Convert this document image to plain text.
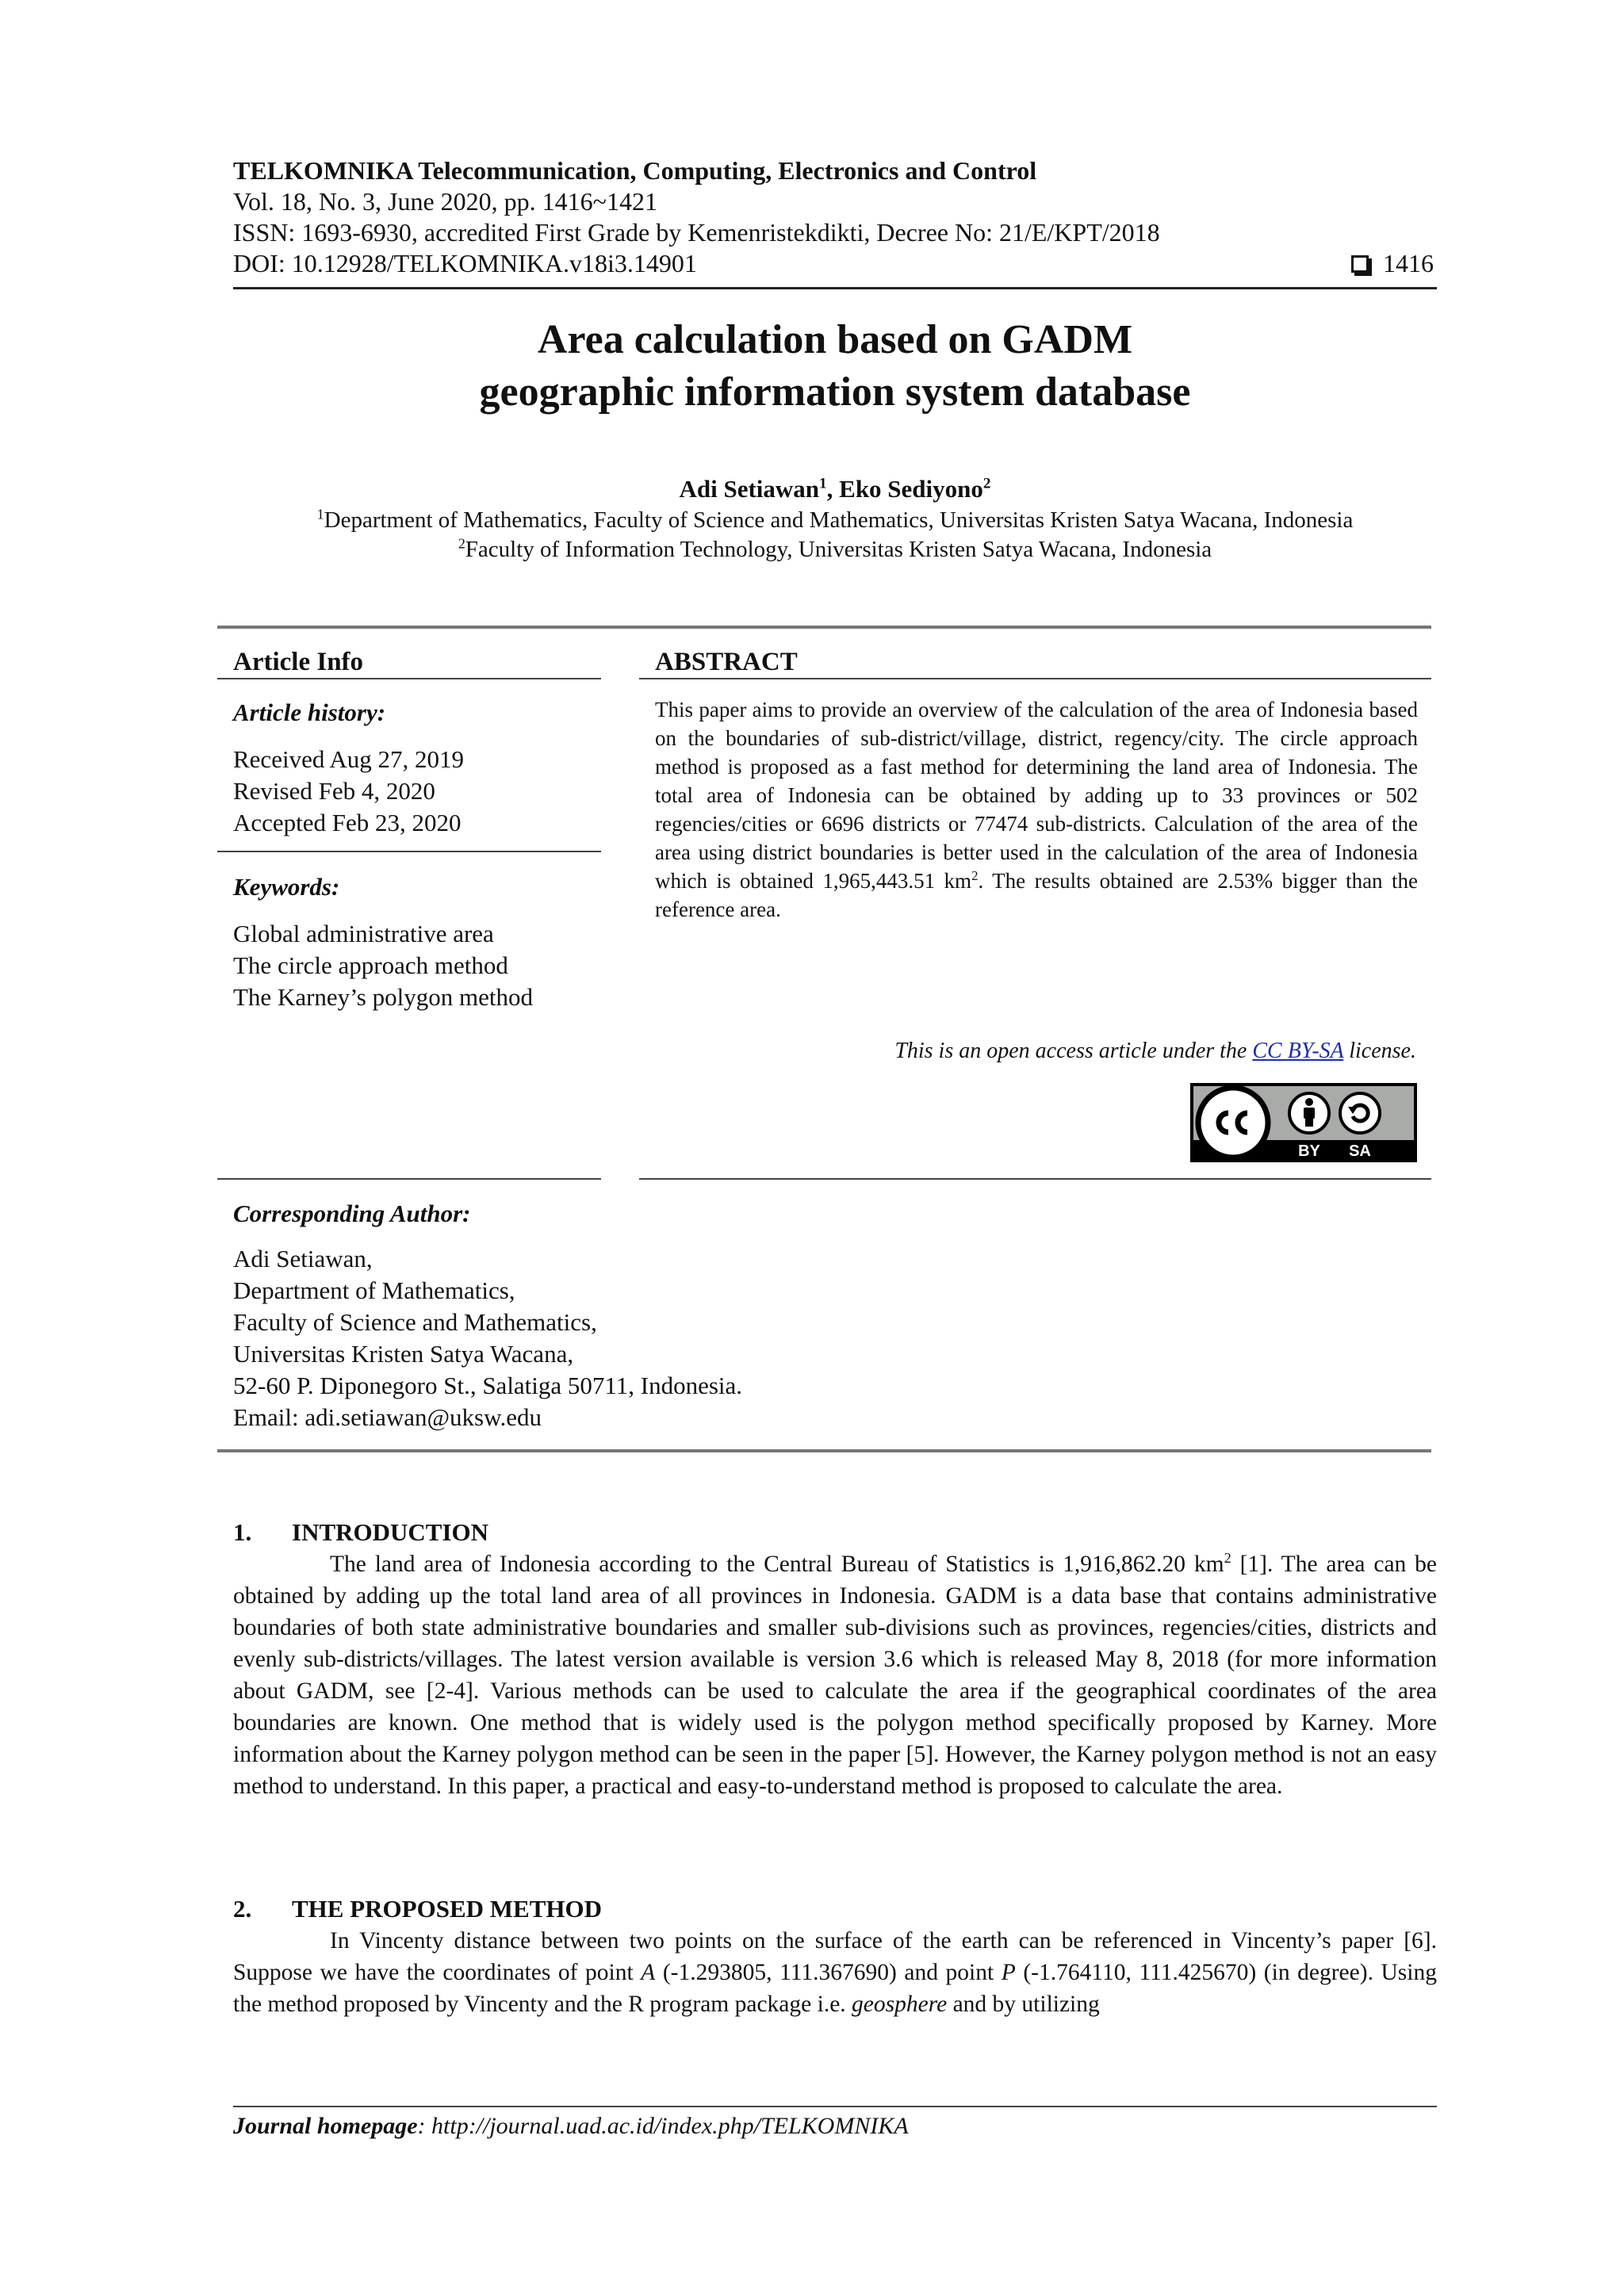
TELKOMNIKA Telecommunication, Computing, Electronics and Control
Vol. 18, No. 3, June 2020, pp. 1416~1421
ISSN: 1693-6930, accredited First Grade by Kemenristekdikti, Decree No: 21/E/KPT/2018
DOI: 10.12928/TELKOMNIKA.v18i3.14901	1416
Area calculation based on GADM
geographic information system database
Adi Setiawan$^1$, Eko Sediyono$^2$
$^1$Department of Mathematics, Faculty of Science and Mathematics, Universitas Kristen Satya Wacana, Indonesia
$^2$Faculty of Information Technology, Universitas Kristen Satya Wacana, Indonesia
Article Info	ABSTRACT
Article history:
Received Aug 27, 2019
Revised Feb 4, 2020
Accepted Feb 23, 2020
Keywords:
Global administrative area
The circle approach method
The Karney’s polygon method
This paper aims to provide an overview of the calculation of the area of Indonesia based on the boundaries of sub-district/village, district, regency/city. The circle approach method is proposed as a fast method for determining the land area of Indonesia. The total area of Indonesia can be obtained by adding up to 33 provinces or 502 regencies/cities or 6696 districts or 77474 sub-districts. Calculation of the area of the area using district boundaries is better used in the calculation of the area of Indonesia which is obtained 1,965,443.51 $km^2$. The results obtained are 2.53% bigger than the reference area.
This is an open access article under the CC BY-SA license.
BY SA
Corresponding Author:
Adi Setiawan,
Department of Mathematics,
Faculty of Science and Mathematics,
Universitas Kristen Satya Wacana,
52-60 P. Diponegoro St., Salatiga 50711, Indonesia.
Email: adi.setiawan@uksw.edu
1. INTRODUCTION
The land area of Indonesia according to the Central Bureau of Statistics is 1,916,862.20 $km^2$ [1]. The area can be obtained by adding up the total land area of all provinces in Indonesia. GADM is a data base that contains administrative boundaries of both state administrative boundaries and smaller sub-divisions such as provinces, regencies/cities, districts and evenly sub-districts/villages. The latest version available is version 3.6 which is released May 8, 2018 (for more information about GADM, see [2-4]. Various methods can be used to calculate the area if the geographical coordinates of the area boundaries are known. One method that is widely used is the polygon method specifically proposed by Karney. More information about the Karney polygon method can be seen in the paper [5]. However, the Karney polygon method is not an easy method to understand. In this paper, a practical and easy-to-understand method is proposed to calculate the area.
2. THE PROPOSED METHOD
In Vincenty distance between two points on the surface of the earth can be referenced in Vincenty’s paper [6]. Suppose we have the coordinates of point A (-1.293805, 111.367690) and point P (-1.764110, 111.425670) (in degree). Using the method proposed by Vincenty and the R program package i.e. geosphere and by utilizing
Journal homepage: http://journal.uad.ac.id/index.php/TELKOMNIKA
